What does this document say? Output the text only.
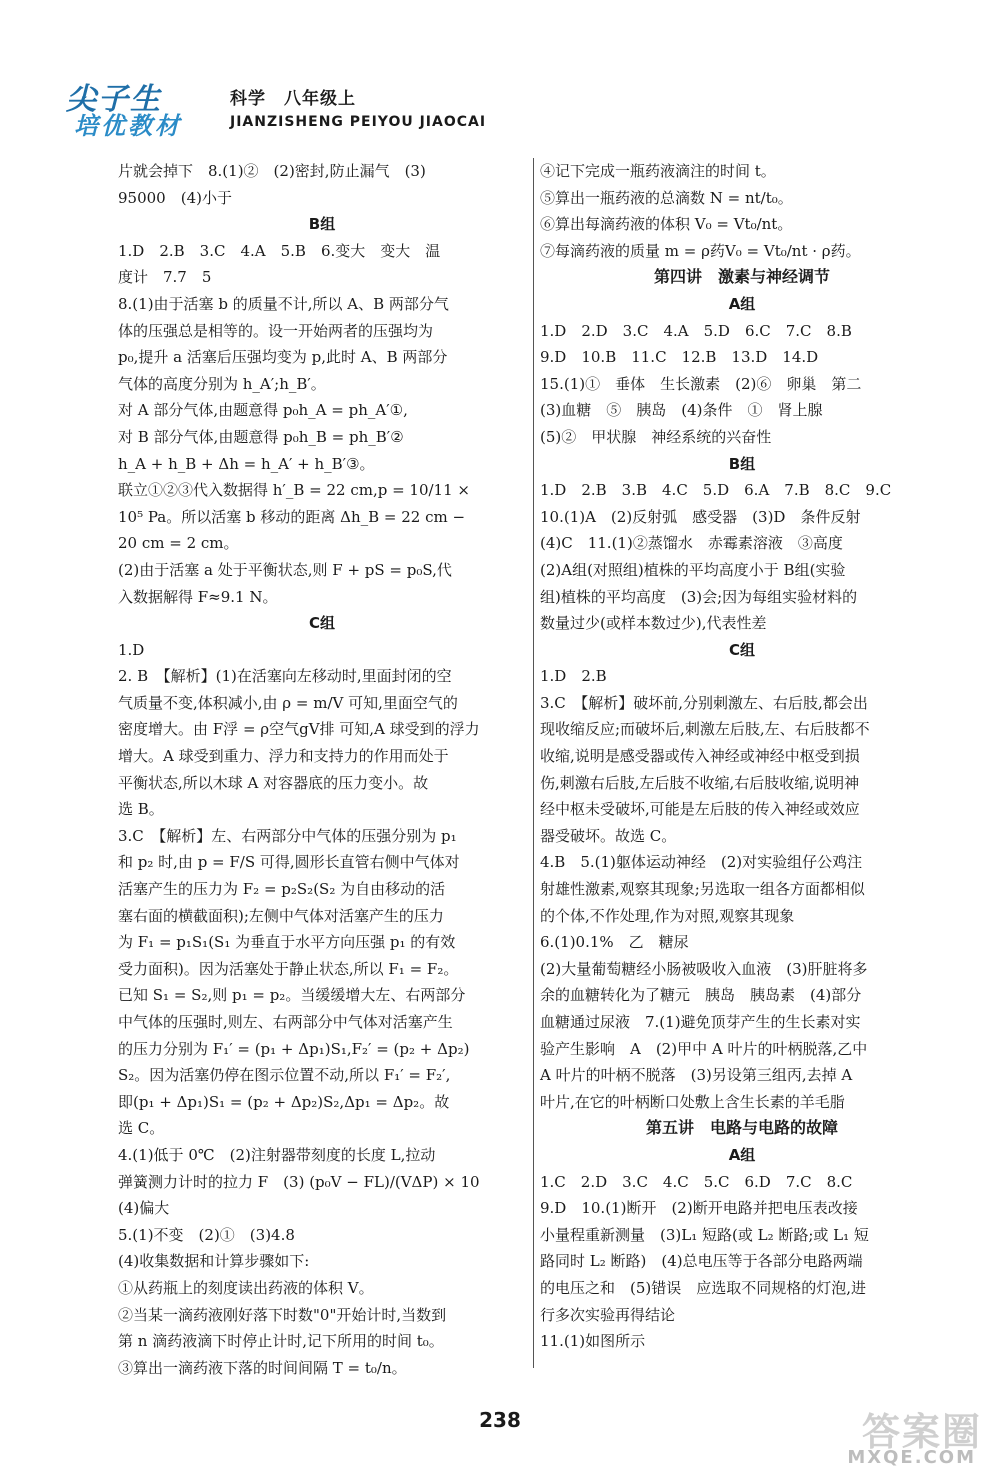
尖子生
培优教材
科学　八年级上
JIANZISHENG PEIYOU JIAOCAI

片就会掉下　8.(1)②　(2)密封,防止漏气　(3)

95000　(4)小于

B组

1.D　2.B　3.C　4.A　5.B　6.变大　变大　温

度计　7.7　5

8.(1)由于活塞 b 的质量不计,所以 A、B 两部分气

体的压强总是相等的。设一开始两者的压强均为

p₀,提升 a 活塞后压强均变为 p,此时 A、B 两部分

气体的高度分别为 h_A′;h_B′。

对 A 部分气体,由题意得 p₀h_A = ph_A′①,

对 B 部分气体,由题意得 p₀h_B = ph_B′②

h_A + h_B + Δh = h_A′ + h_B′③。

联立①②③代入数据得 h′_B = 22 cm,p = 10/11 ×

10⁵ Pa。所以活塞 b 移动的距离 Δh_B = 22 cm −

20 cm = 2 cm。

(2)由于活塞 a 处于平衡状态,则 F + pS = p₀S,代

入数据解得 F≈9.1 N。

C组

1.D

2. B　【解析】(1)在活塞向左移动时,里面封闭的空

气质量不变,体积减小,由 ρ = m/V 可知,里面空气的

密度增大。由 F浮 = ρ空气gV排 可知,A 球受到的浮力

增大。A 球受到重力、浮力和支持力的作用而处于

平衡状态,所以木球 A 对容器底的压力变小。故

选 B。

3.C　【解析】左、右两部分中气体的压强分别为 p₁

和 p₂ 时,由 p = F/S 可得,圆形长直管右侧中气体对

活塞产生的压力为 F₂ = p₂S₂(S₂ 为自由移动的活

塞右面的横截面积);左侧中气体对活塞产生的压力

为 F₁ = p₁S₁(S₁ 为垂直于水平方向压强 p₁ 的有效

受力面积)。因为活塞处于静止状态,所以 F₁ = F₂。

已知 S₁ = S₂,则 p₁ = p₂。当缓缓增大左、右两部分

中气体的压强时,则左、右两部分中气体对活塞产生

的压力分别为 F₁′ = (p₁ + Δp₁)S₁,F₂′ = (p₂ + Δp₂)

S₂。因为活塞仍停在图示位置不动,所以 F₁′ = F₂′,

即(p₁ + Δp₁)S₁ = (p₂ + Δp₂)S₂,Δp₁ = Δp₂。故

选 C。

4.(1)低于 0℃　(2)注射器带刻度的长度 L,拉动

弹簧测力计时的拉力 F　(3) (p₀V − FL)/(VΔP) × 10

(4)偏大

5.(1)不变　(2)①　(3)4.8

(4)收集数据和计算步骤如下:

①从药瓶上的刻度读出药液的体积 V。

②当某一滴药液刚好落下时数"0"开始计时,当数到

第 n 滴药液滴下时停止计时,记下所用的时间 t₀。

③算出一滴药液下落的时间间隔 T = t₀/n。

④记下完成一瓶药液滴注的时间 t。

⑤算出一瓶药液的总滴数 N = nt/t₀。

⑥算出每滴药液的体积 V₀ = Vt₀/nt。

⑦每滴药液的质量 m = ρ药V₀ = Vt₀/nt · ρ药。

第四讲　激素与神经调节

A组

1.D　2.D　3.C　4.A　5.D　6.C　7.C　8.B

9.D　10.B　11.C　12.B　13.D　14.D

15.(1)①　垂体　生长激素　(2)⑥　卵巢　第二

(3)血糖　⑤　胰岛　(4)条件　①　肾上腺

(5)②　甲状腺　神经系统的兴奋性

B组

1.D　2.B　3.B　4.C　5.D　6.A　7.B　8.C　9.C

10.(1)A　(2)反射弧　感受器　(3)D　条件反射

(4)C　11.(1)②蒸馏水　赤霉素溶液　③高度

(2)A组(对照组)植株的平均高度小于 B组(实验

组)植株的平均高度　(3)会;因为每组实验材料的

数量过少(或样本数过少),代表性差

C组

1.D　2.B

3.C　【解析】破坏前,分别刺激左、右后肢,都会出

现收缩反应;而破坏后,刺激左后肢,左、右后肢都不

收缩,说明是感受器或传入神经或神经中枢受到损

伤,刺激右后肢,左后肢不收缩,右后肢收缩,说明神

经中枢未受破坏,可能是左后肢的传入神经或效应

器受破坏。故选 C。

4.B　5.(1)躯体运动神经　(2)对实验组仔公鸡注

射雄性激素,观察其现象;另选取一组各方面都相似

的个体,不作处理,作为对照,观察其现象

6.(1)0.1%　乙　糖尿

(2)大量葡萄糖经小肠被吸收入血液　(3)肝脏将多

余的血糖转化为了糖元　胰岛　胰岛素　(4)部分

血糖通过尿液　7.(1)避免顶芽产生的生长素对实

验产生影响　A　(2)甲中 A 叶片的叶柄脱落,乙中

A 叶片的叶柄不脱落　(3)另设第三组丙,去掉 A

叶片,在它的叶柄断口处敷上含生长素的羊毛脂

第五讲　电路与电路的故障

A组

1.C　2.D　3.C　4.C　5.C　6.D　7.C　8.C

9.D　10.(1)断开　(2)断开电路并把电压表改接

小量程重新测量　(3)L₁ 短路(或 L₂ 断路;或 L₁ 短

路同时 L₂ 断路)　(4)总电压等于各部分电路两端

的电压之和　(5)错误　应选取不同规格的灯泡,进

行多次实验再得结论

11.(1)如图所示

238	答案圈
MXQE.COM
